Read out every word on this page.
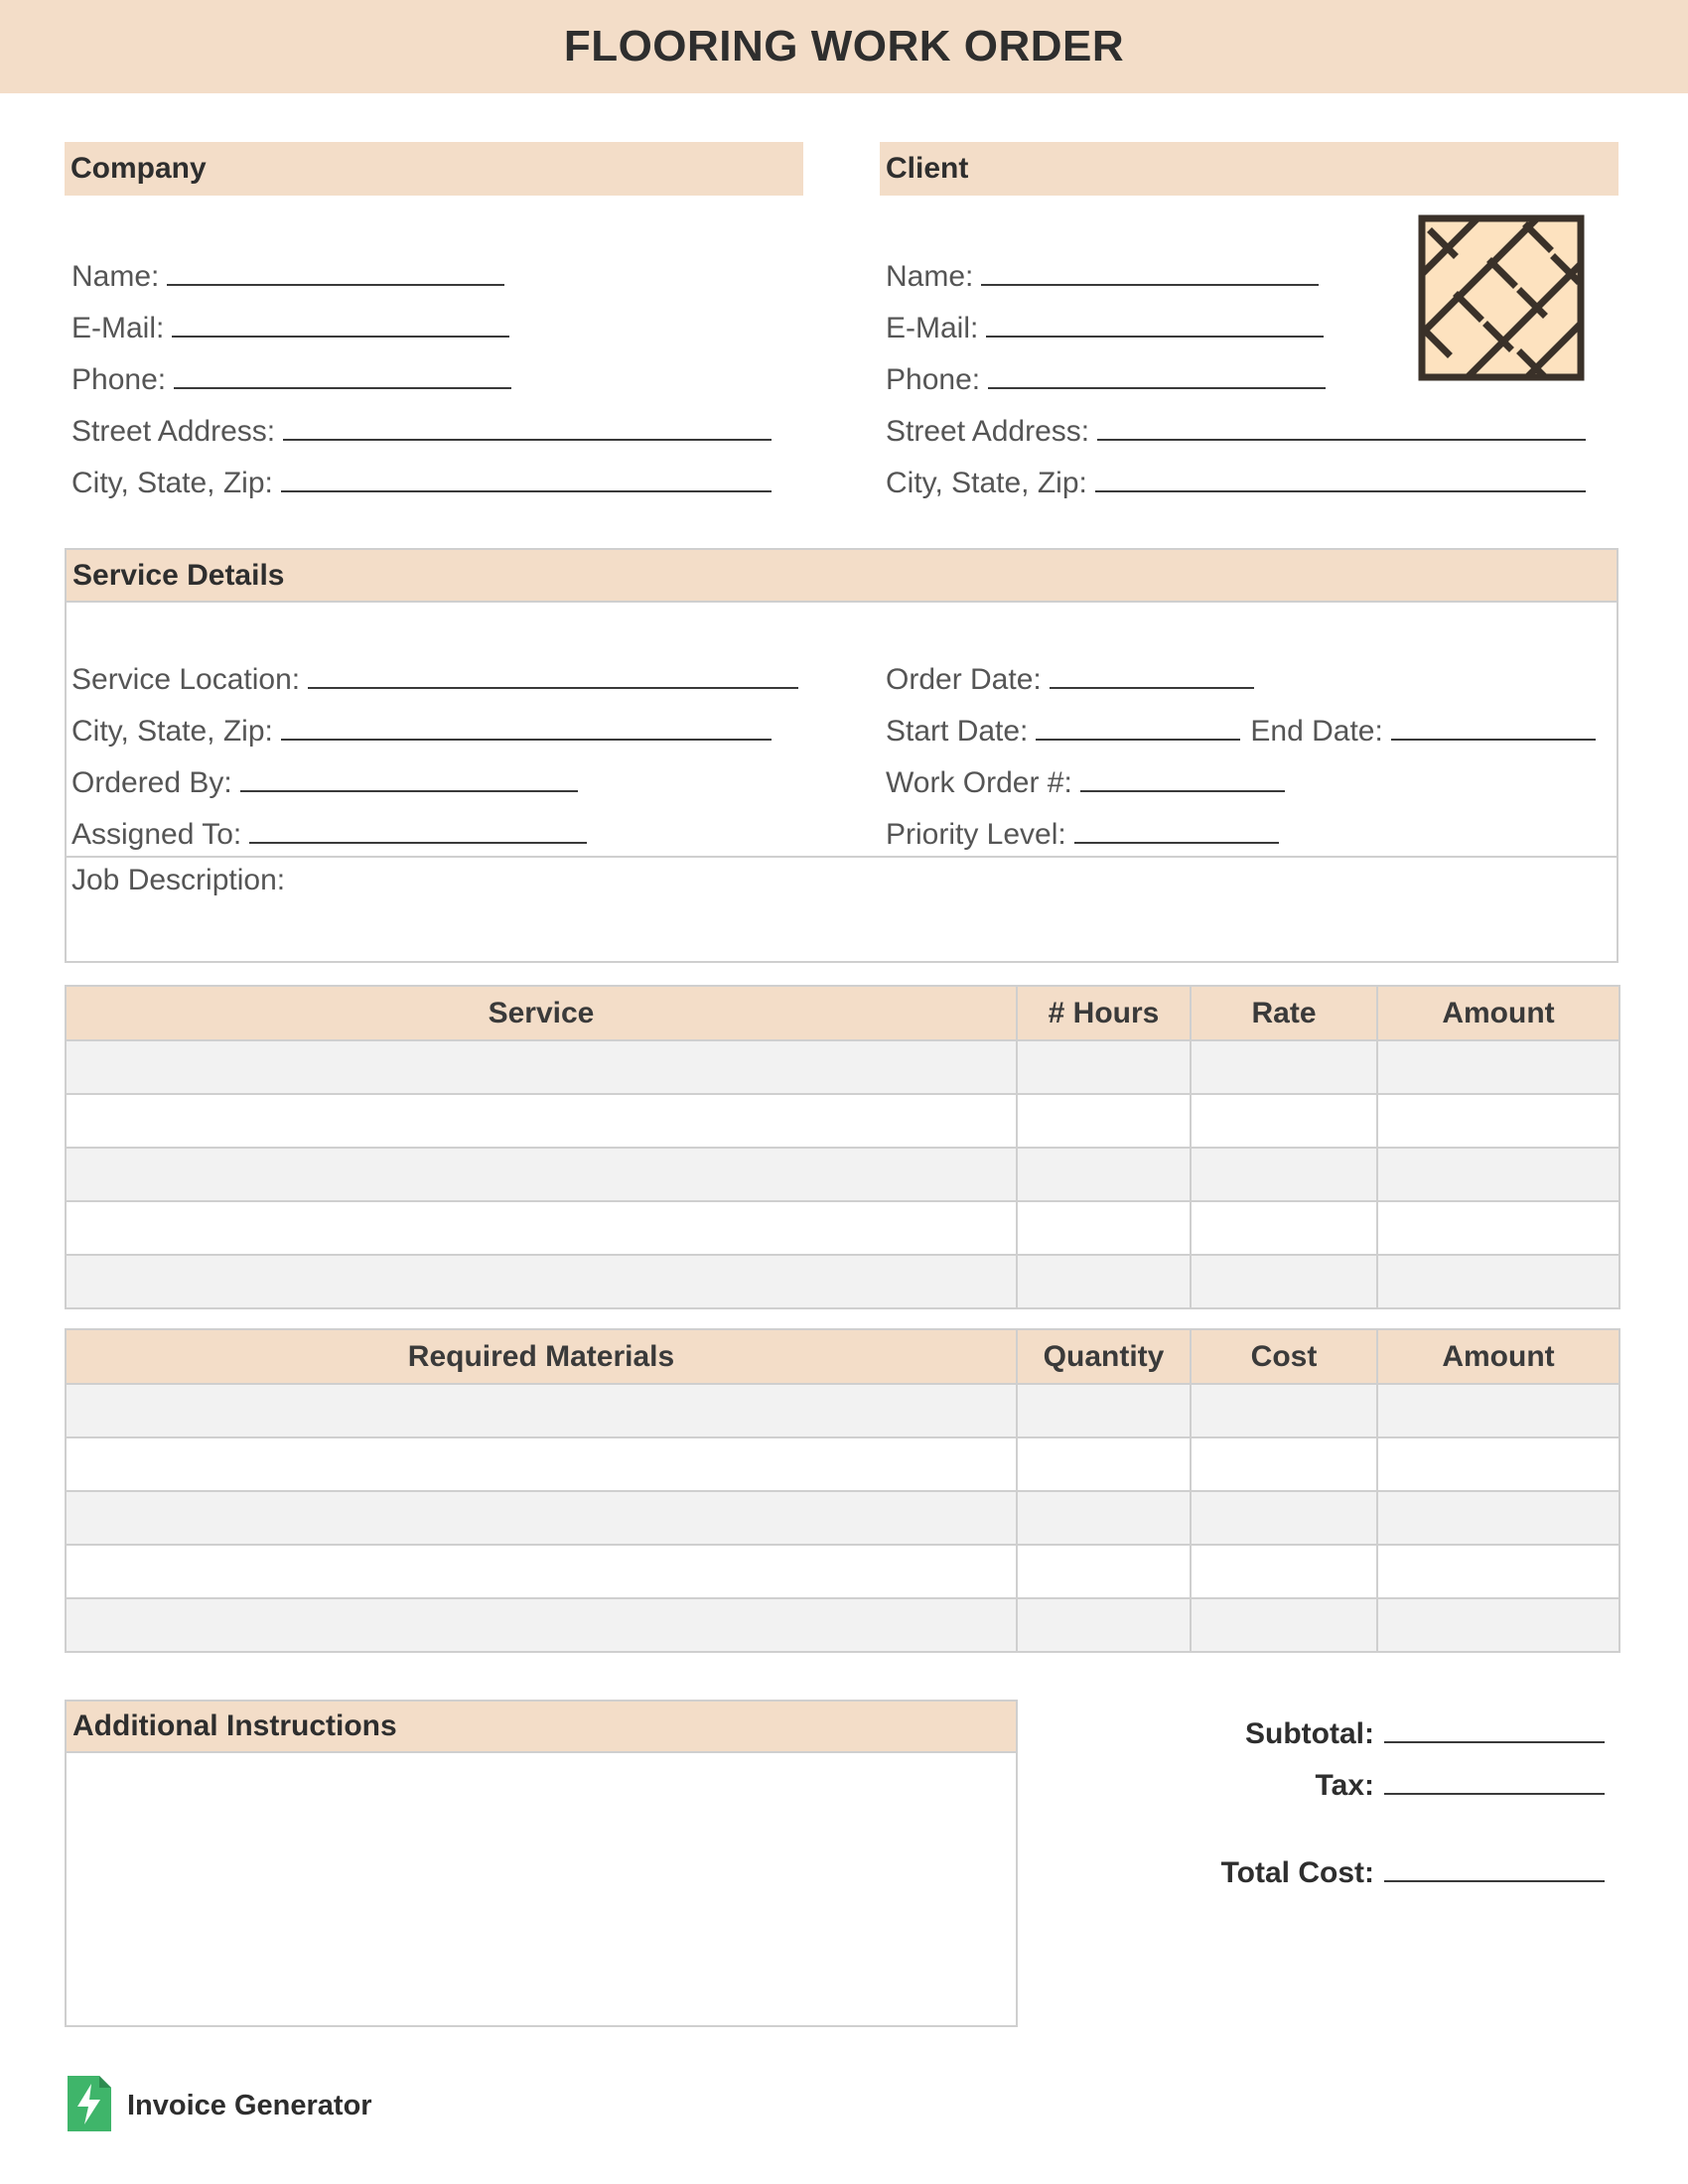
FLOORING WORK ORDER
Company
Name:
E-Mail:
Phone:
Street Address:
City, State, Zip:
Client
Name:
E-Mail:
Phone:
Street Address:
City, State, Zip:
Service Details
Service Location:
City, State, Zip:
Ordered By:
Assigned To:
Order Date:
Start Date:	End Date:
Work Order #:
Priority Level:
Job Description:
Service	# Hours	Rate	Amount

Required Materials	Quantity	Cost	Amount

Additional Instructions	Subtotal:
Tax:
Total Cost:
Invoice Generator
